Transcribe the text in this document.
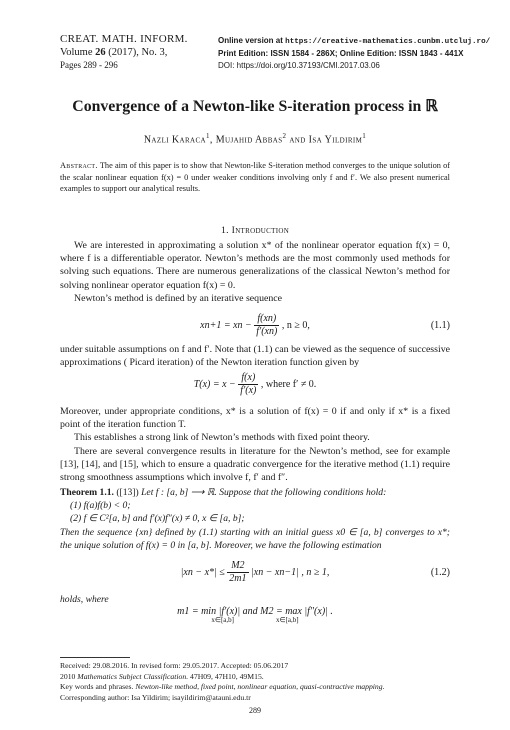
CREAT. MATH. INFORM.
Volume 26 (2017), No. 3,
Pages 289 - 296
Online version at https://creative-mathematics.cunbm.utcluj.ro/
Print Edition: ISSN 1584 - 286X; Online Edition: ISSN 1843 - 441X
DOI: https://doi.org/10.37193/CMI.2017.03.06
Convergence of a Newton-like S-iteration process in ℝ
Nazli Karaca$^1$, Mujahid Abbas$^2$ and Isa Yildirim$^1$
Abstract. The aim of this paper is to show that Newton-like S-iteration method converges to the unique solution of the scalar nonlinear equation f(x) = 0 under weaker conditions involving only f and f′. We also present numerical examples to support our analytical results.
1. Introduction

We are interested in approximating a solution x* of the nonlinear operator equation f(x) = 0, where f is a differentiable operator. Newton’s methods are the most commonly used methods for solving such equations. There are numerous generalizations of the classical Newton’s method for solving nonlinear operator equation f(x) = 0.

Newton’s method is defined by an iterative sequence

xn+1 = xn − $\frac{f(xn)}{f'(xn)}$ , n ≥ 0,	(1.1)

under suitable assumptions on f and f′. Note that (1.1) can be viewed as the sequence of successive approximations ( Picard iteration) of the Newton iteration function given by

$T(x) = x - \frac{f(x)}{f'(x)}$ , where f′ ≠ 0.

Moreover, under appropriate conditions, x* is a solution of f(x) = 0 if and only if x* is a fixed point of the iteration function T.

This establishes a strong link of Newton’s methods with fixed point theory.

There are several convergence results in literature for the Newton’s method, see for example [13], [14], and [15], which to ensure a quadratic convergence for the iterative method (1.1) require strong smoothness assumptions which involve f, f′ and f″.

Theorem 1.1. ([13]) Let f : [a, b] ⟶ ℝ. Suppose that the following conditions hold:
(1) f(a)f(b) < 0;
(2) f ∈ C²[a, b] and f′(x)f″(x) ≠ 0, x ∈ [a, b];
Then the sequence {xn} defined by (1.1) starting with an initial guess x0 ∈ [a, b] converges to x*; the unique solution of f(x) = 0 in [a, b]. Moreover, we have the following estimation
$|xn - x*| \le \frac{M2}{2m1} |xn - xn-1|$ , n ≥ 1,	(1.2)
holds, where
m1 = min |f′(x)| and M2 = max |f″(x)| .
x∈[a,b]                        x∈[a,b]
Received: 29.08.2016. In revised form: 29.05.2017. Accepted: 05.06.2017
2010 Mathematics Subject Classification. 47H09, 47H10, 49M15.
Key words and phrases. Newton-like method, fixed point, nonlinear equation, quasi-contractive mapping.
Corresponding author: Isa Yildirim; isayildirim@atauni.edu.tr
289
